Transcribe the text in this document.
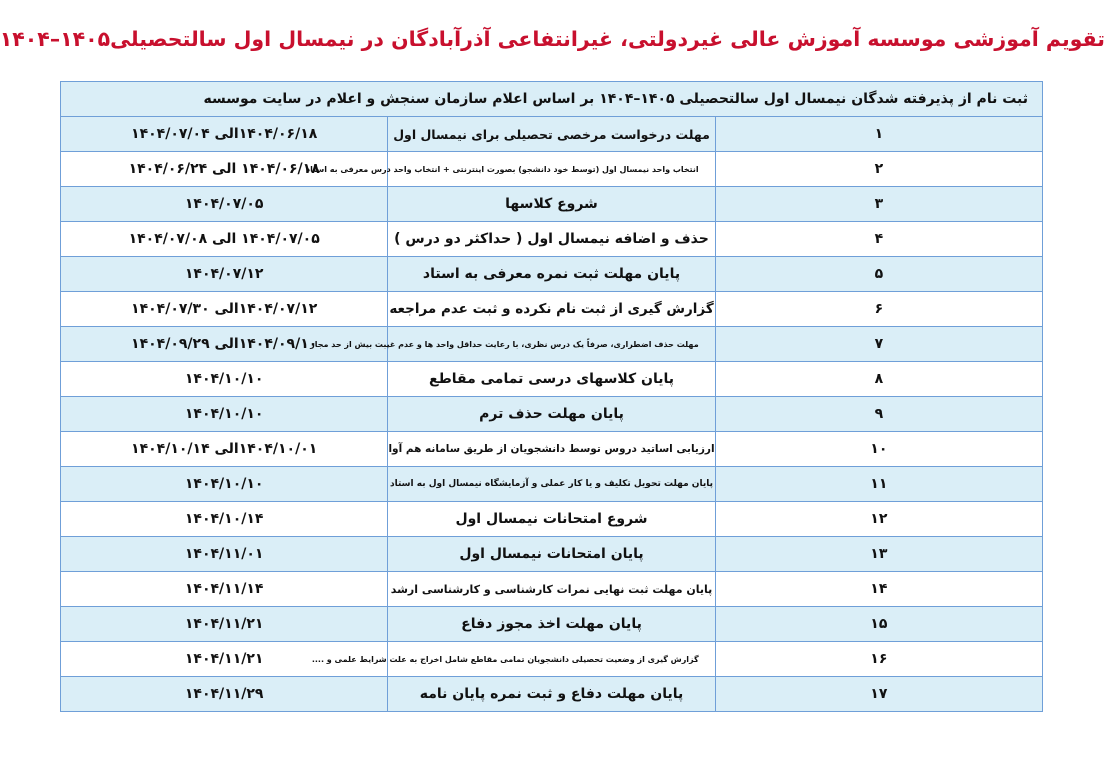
تقویم آموزشی موسسه آموزش عالی غیردولتی، غیرانتفاعی آذرآبادگان در نیمسال اول سالتحصیلی۱۴۰۵–۱۴۰۴
ثبت نام از پذیرفته شدگان نیمسال اول سالتحصیلی ۱۴۰۵–۱۴۰۴ بر اساس اعلام سازمان سنجش و اعلام در سایت موسسه		
۱	مهلت درخواست مرخصی تحصیلی برای نیمسال اول	۱۴۰۴/۰۶/۱۸الی ۱۴۰۴/۰۷/۰۴
۲	انتخاب واحد نیمسال اول (توسط خود دانشجو) بصورت اینترنتی + انتخاب واحد درس معرفی به استاد	۱۴۰۴/۰۶/۱۸ الی ۱۴۰۴/۰۶/۲۴
۳	شروع کلاسها	۱۴۰۴/۰۷/۰۵
۴	حذف و اضافه نیمسال اول ( حداکثر دو درس )	۱۴۰۴/۰۷/۰۵ الی ۱۴۰۴/۰۷/۰۸
۵	پایان مهلت ثبت نمره معرفی به استاد	۱۴۰۴/۰۷/۱۲
۶	گزارش گیری از ثبت نام نکرده و ثبت عدم مراجعه	۱۴۰۴/۰۷/۱۲الی ۱۴۰۴/۰۷/۳۰
۷	مهلت حذف اضطراری، صرفاً یک درس نظری، با رعایت حداقل واحد ها و عدم غیبت بیش از حد مجاز	۱۴۰۴/۰۹/۱۰الی ۱۴۰۴/۰۹/۲۹
۸	پایان کلاسهای درسی تمامی مقاطع	۱۴۰۴/۱۰/۱۰
۹	پایان مهلت حذف ترم	۱۴۰۴/۱۰/۱۰
۱۰	ارزیابی اساتید دروس توسط دانشجویان از طریق سامانه هم آوا	۱۴۰۴/۱۰/۰۱الی ۱۴۰۴/۱۰/۱۴
۱۱	پایان مهلت تحویل تکلیف و یا کار عملی و آزمایشگاه نیمسال اول به استاد	۱۴۰۴/۱۰/۱۰
۱۲	شروع امتحانات نیمسال اول	۱۴۰۴/۱۰/۱۴
۱۳	پایان امتحانات نیمسال اول	۱۴۰۴/۱۱/۰۱
۱۴	پایان مهلت ثبت نهایی نمرات کارشناسی و کارشناسی ارشد	۱۴۰۴/۱۱/۱۴
۱۵	پایان مهلت اخذ مجوز دفاع	۱۴۰۴/۱۱/۲۱
۱۶	گزارش گیری از وضعیت تحصیلی دانشجویان تمامی مقاطع شامل اخراج به علت شرایط علمی و ....	۱۴۰۴/۱۱/۲۱
۱۷	پایان مهلت دفاع و ثبت نمره پایان نامه	۱۴۰۴/۱۱/۲۹
